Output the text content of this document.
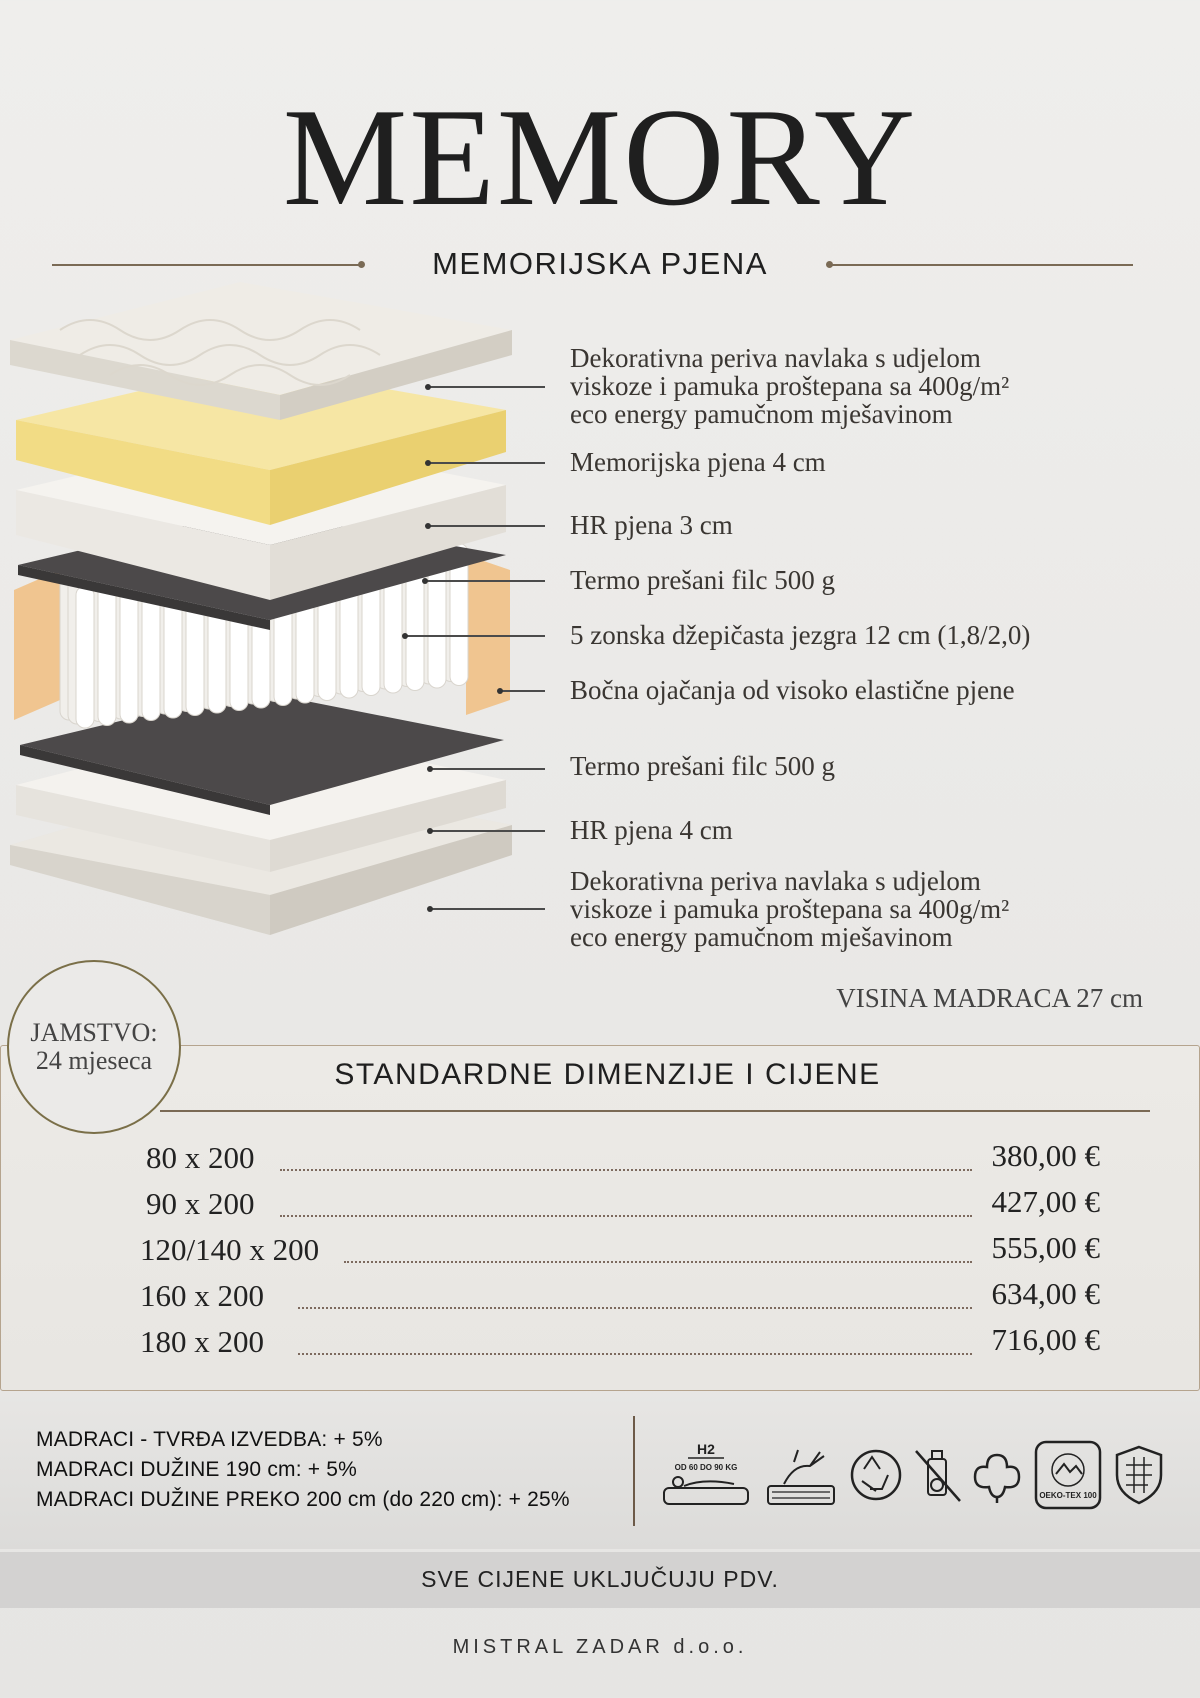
MEMORY
MEMORIJSKA PJENA
Dekorativna periva navlaka s udjelom
viskoze i pamuka proštepana sa 400g/m²
eco energy pamučnom mješavinom
Memorijska pjena 4 cm
HR pjena 3 cm
Termo prešani filc 500 g
5 zonska džepičasta jezgra 12 cm (1,8/2,0)
Bočna ojačanja od visoko elastične pjene
Termo prešani filc 500 g
HR pjena 4 cm
Dekorativna periva navlaka s udjelom
viskoze i pamuka proštepana sa 400g/m²
eco energy pamučnom mješavinom
VISINA MADRACA 27 cm
STANDARDNE DIMENZIJE I CIJENE
80 x 200	380,00 €
90 x 200	427,00 €
120/140 x 200	555,00 €
160 x 200	634,00 €
180 x 200	716,00 €
JAMSTVO:
24 mjeseca
MADRACI - TVRĐA IZVEDBA: + 5%
MADRACI DUŽINE 190 cm: + 5%
MADRACI DUŽINE PREKO 200 cm (do 220 cm): + 25%
H2
OD 60 DO 90 KG
OEKO-TEX 100
SVE CIJENE UKLJUČUJU PDV.
MISTRAL ZADAR d.o.o.
